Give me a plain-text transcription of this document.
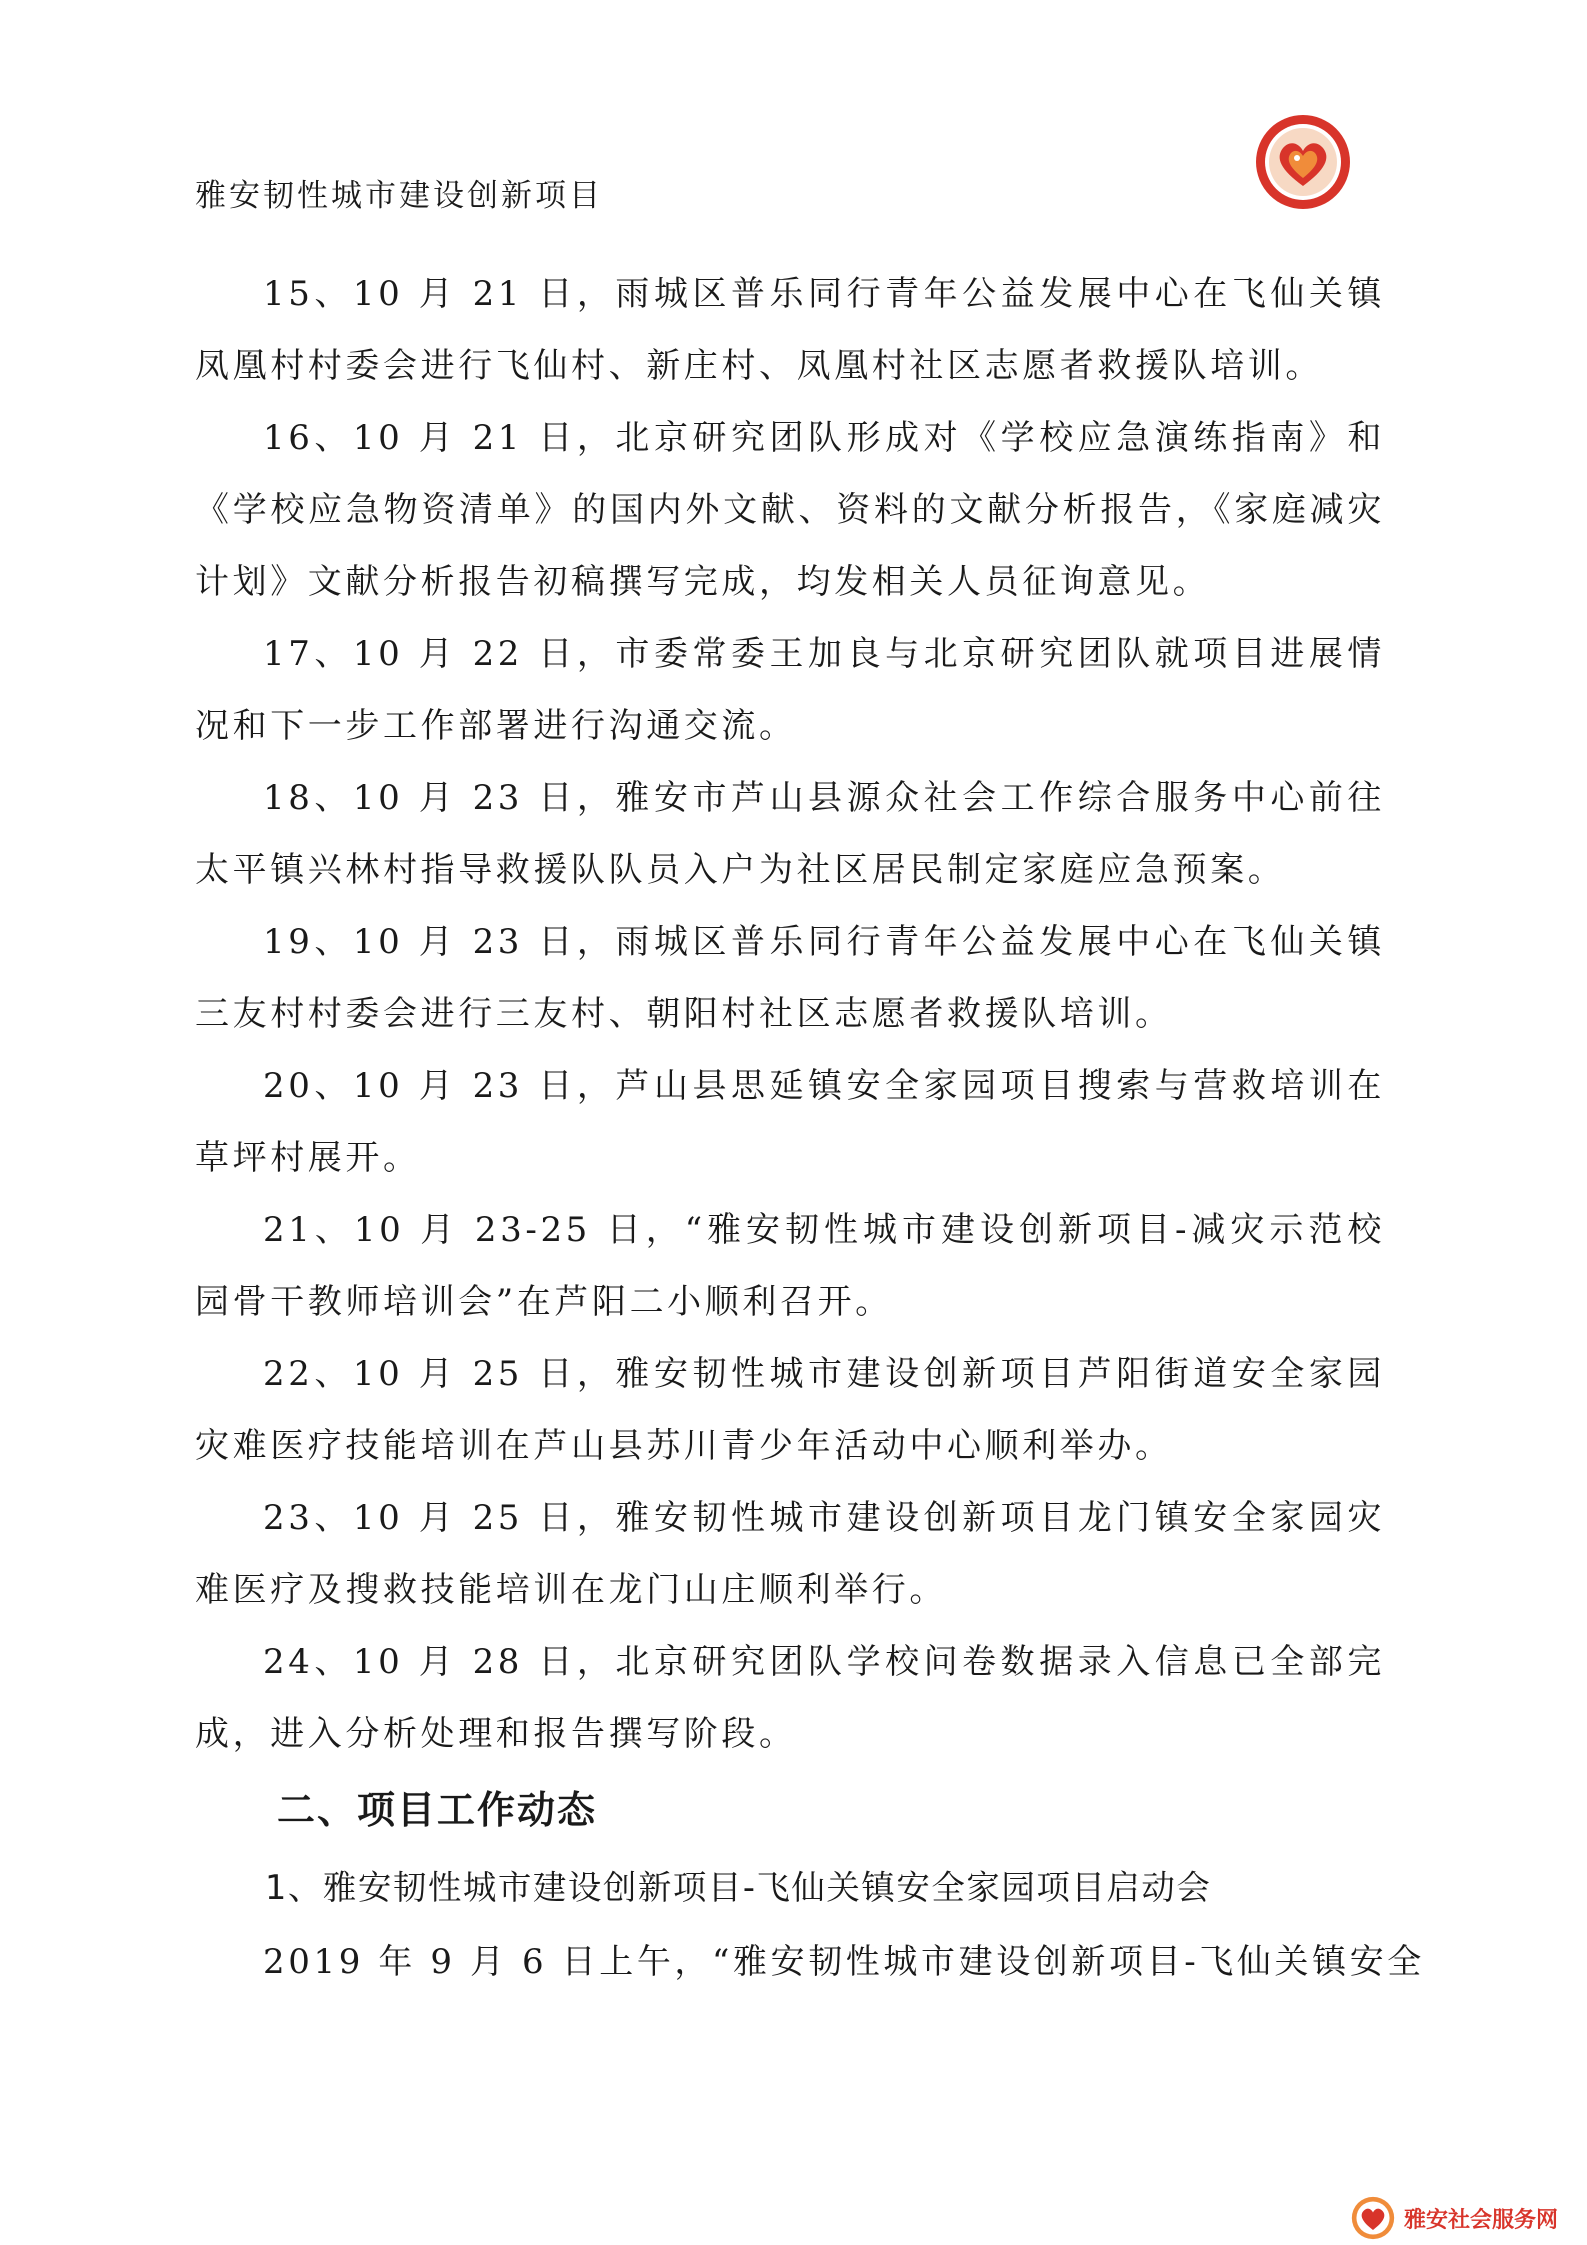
雅安韧性城市建设创新项目

15、10 月 21 日，雨城区普乐同行青年公益发展中心在飞仙关镇凤凰村村委会进行飞仙村、新庄村、凤凰村社区志愿者救援队培训。

16、10 月 21 日，北京研究团队形成对《学校应急演练指南》和《学校应急物资清单》的国内外文献、资料的文献分析报告，《家庭减灾计划》文献分析报告初稿撰写完成，均发相关人员征询意见。

17、10 月 22 日，市委常委王加良与北京研究团队就项目进展情况和下一步工作部署进行沟通交流。

18、10 月 23 日，雅安市芦山县源众社会工作综合服务中心前往太平镇兴林村指导救援队队员入户为社区居民制定家庭应急预案。

19、10 月 23 日，雨城区普乐同行青年公益发展中心在飞仙关镇三友村村委会进行三友村、朝阳村社区志愿者救援队培训。

20、10 月 23 日，芦山县思延镇安全家园项目搜索与营救培训在草坪村展开。

21、10 月 23-25 日，“雅安韧性城市建设创新项目-减灾示范校园骨干教师培训会”在芦阳二小顺利召开。

22、10 月 25 日，雅安韧性城市建设创新项目芦阳街道安全家园灾难医疗技能培训在芦山县苏川青少年活动中心顺利举办。

23、10 月 25 日，雅安韧性城市建设创新项目龙门镇安全家园灾难医疗及搜救技能培训在龙门山庄顺利举行。

24、10 月 28 日，北京研究团队学校问卷数据录入信息已全部完成，进入分析处理和报告撰写阶段。

二、项目工作动态

1、雅安韧性城市建设创新项目-飞仙关镇安全家园项目启动会

2019 年 9 月 6 日上午，“雅安韧性城市建设创新项目-飞仙关镇安全

雅安社会服务网
